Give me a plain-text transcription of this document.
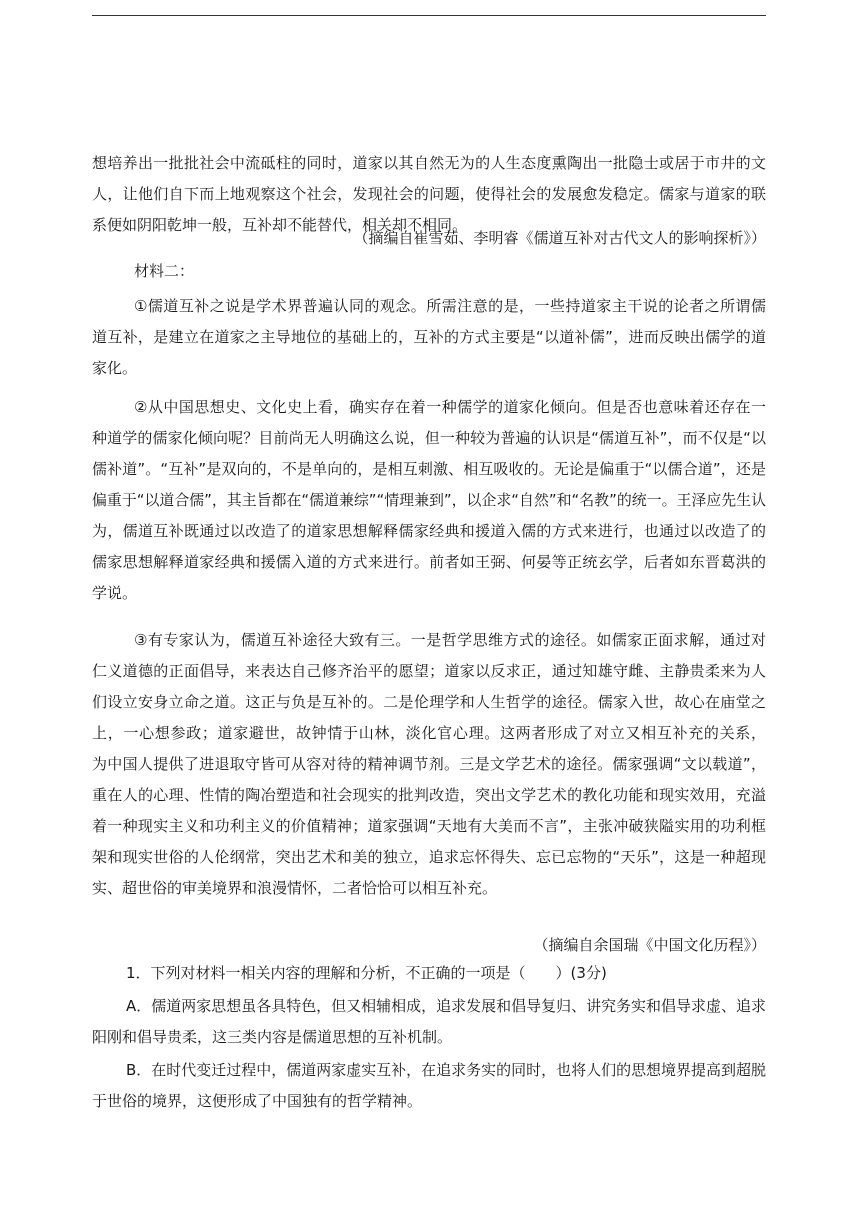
想培养出一批批社会中流砥柱的同时，道家以其自然无为的人生态度熏陶出一批隐士或居于市井的文
人，让他们自下而上地观察这个社会，发现社会的问题，使得社会的发展愈发稳定。儒家与道家的联
系便如阴阳乾坤一般，互补却不能替代，相关却不相同。
（摘编自崔雪茹、李明睿《儒道互补对古代文人的影响探析》）
材料二：
①儒道互补之说是学术界普遍认同的观念。所需注意的是，一些持道家主干说的论者之所谓儒
道互补，是建立在道家之主导地位的基础上的，互补的方式主要是“以道补儒”，进而反映出儒学的道
家化。
②从中国思想史、文化史上看，确实存在着一种儒学的道家化倾向。但是否也意味着还存在一
种道学的儒家化倾向呢？目前尚无人明确这么说，但一种较为普遍的认识是“儒道互补”，而不仅是“以
儒补道”。“互补”是双向的，不是单向的，是相互刺激、相互吸收的。无论是偏重于“以儒合道”，还是
偏重于“以道合儒”，其主旨都在“儒道兼综”“情理兼到”，以企求“自然”和“名教”的统一。王泽应先生认
为，儒道互补既通过以改造了的道家思想解释儒家经典和援道入儒的方式来进行，也通过以改造了的
儒家思想解释道家经典和援儒入道的方式来进行。前者如王弼、何晏等正统玄学，后者如东晋葛洪的
学说。
③有专家认为，儒道互补途径大致有三。一是哲学思维方式的途径。如儒家正面求解，通过对
仁义道德的正面倡导，来表达自己修齐治平的愿望；道家以反求正，通过知雄守雌、主静贵柔来为人
们设立安身立命之道。这正与负是互补的。二是伦理学和人生哲学的途径。儒家入世，故心在庙堂之
上，一心想参政；道家避世，故钟情于山林，淡化官心理。这两者形成了对立又相互补充的关系，
为中国人提供了进退取守皆可从容对待的精神调节剂。三是文学艺术的途径。儒家强调“文以载道”，
重在人的心理、性情的陶冶塑造和社会现实的批判改造，突出文学艺术的教化功能和现实效用，充溢
着一种现实主义和功利主义的价值精神；道家强调“天地有大美而不言”，主张冲破狭隘实用的功利框
架和现实世俗的人伦纲常，突出艺术和美的独立，追求忘怀得失、忘已忘物的“天乐”，这是一种超现
实、超世俗的审美境界和浪漫情怀，二者恰恰可以相互补充。
（摘编自余国瑞《中国文化历程》）
1．下列对材料一相关内容的理解和分析，不正确的一项是（　　）(3分)
A．儒道两家思想虽各具特色，但又相辅相成，追求发展和倡导复归、讲究务实和倡导求虚、追求
阳刚和倡导贵柔，这三类内容是儒道思想的互补机制。
B．在时代变迁过程中，儒道两家虚实互补，在追求务实的同时，也将人们的思想境界提高到超脱
于世俗的境界，这便形成了中国独有的哲学精神。
